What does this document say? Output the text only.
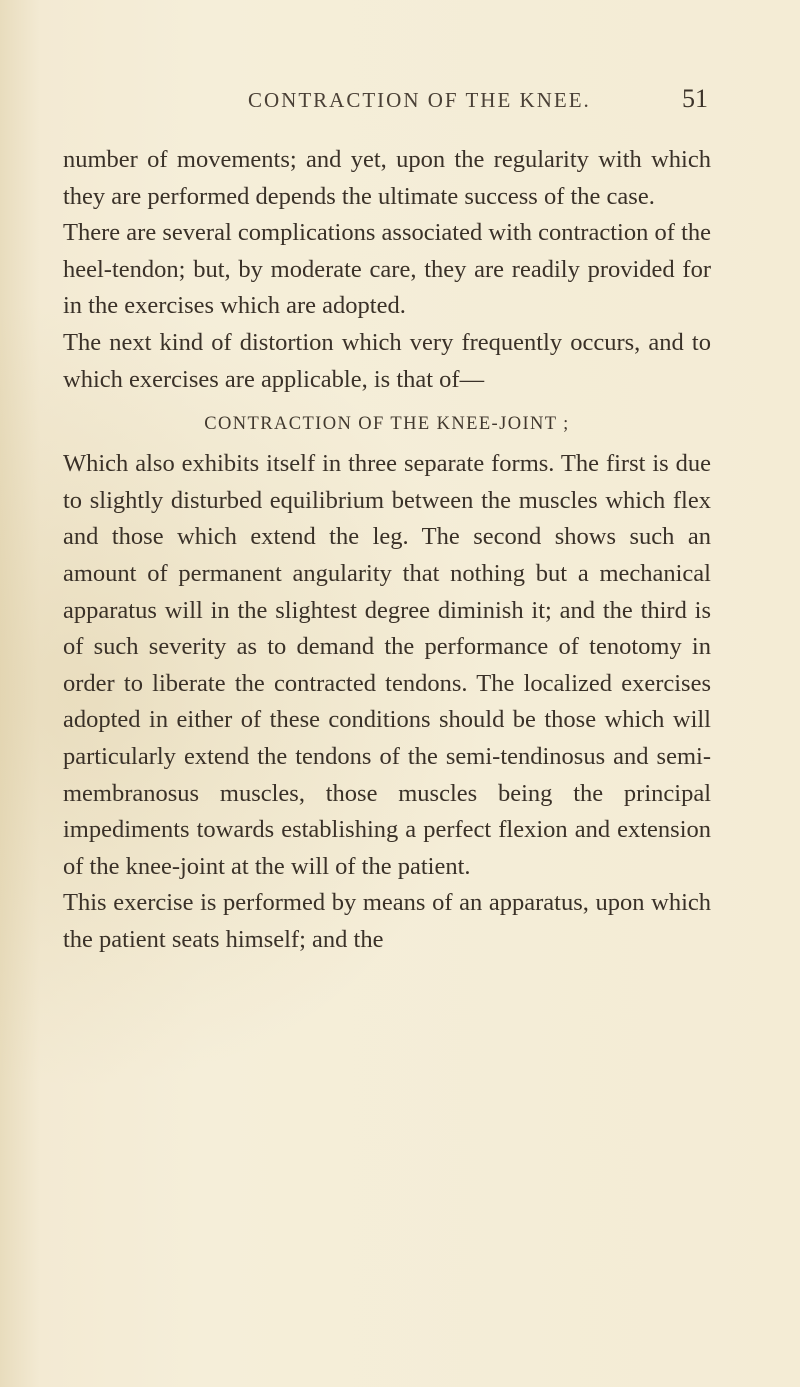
CONTRACTION OF THE KNEE.	51

number of movements; and yet, upon the regularity with which they are performed depends the ultimate success of the case.

There are several complications associated with contraction of the heel-tendon; but, by moderate care, they are readily provided for in the exercises which are adopted.

The next kind of distortion which very frequently occurs, and to which exercises are applicable, is that of—

CONTRACTION OF THE KNEE-JOINT ;

Which also exhibits itself in three separate forms. The first is due to slightly disturbed equilibrium between the muscles which flex and those which extend the leg. The second shows such an amount of permanent angularity that nothing but a mechanical apparatus will in the slightest degree diminish it; and the third is of such severity as to demand the performance of tenotomy in order to liberate the contracted tendons. The localized exercises adopted in either of these conditions should be those which will particularly extend the tendons of the semi-tendinosus and semi-membranosus muscles, those muscles being the principal impediments towards establishing a perfect flexion and extension of the knee-joint at the will of the patient.

This exercise is performed by means of an apparatus, upon which the patient seats himself; and the
